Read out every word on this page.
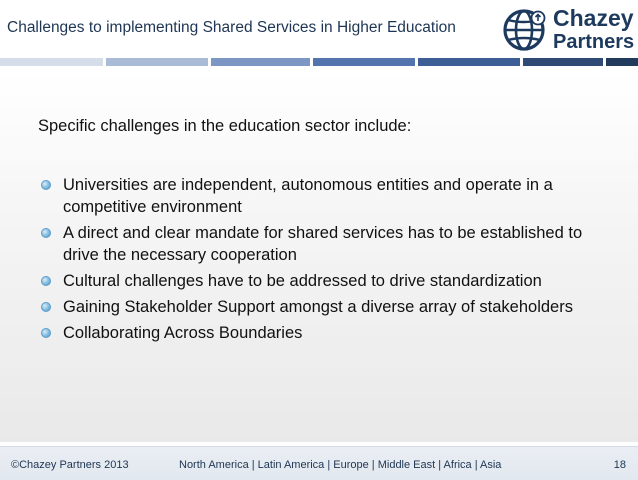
Challenges to implementing Shared Services in Higher Education	Chazey
Partners
Specific challenges in the education sector include:
Universities are independent, autonomous entities and operate in a competitive environment
A direct and clear mandate for shared services has to be established to drive the necessary cooperation
Cultural challenges have to be addressed to drive standardization
Gaining Stakeholder Support amongst a diverse array of stakeholders
Collaborating Across Boundaries
©Chazey Partners 2013	North America | Latin America | Europe | Middle East | Africa | Asia	18
